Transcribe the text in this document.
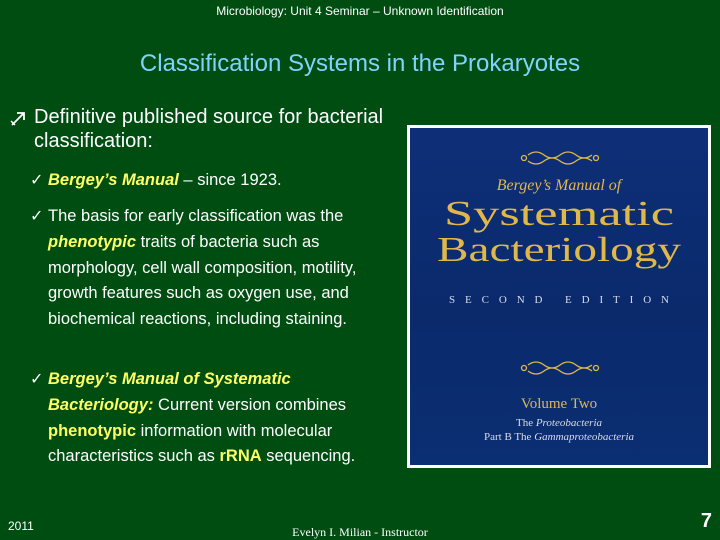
Microbiology: Unit 4 Seminar – Unknown Identification
Classification Systems in the Prokaryotes
Definitive published source for bacterial classification:
✓ Bergey’s Manual – since 1923.
✓ The basis for early classification was the phenotypic traits of bacteria such as morphology, cell wall composition, motility, growth features such as oxygen use, and biochemical reactions, including staining.
✓ Bergey’s Manual of Systematic Bacteriology: Current version combines phenotypic information with molecular characteristics such as rRNA sequencing.
Bergey’s Manual of
Systematic
Bacteriology
SECOND EDITION
Volume Two
The Proteobacteria
Part B The Gammaproteobacteria
2011	Evelyn I. Milian - Instructor	7
